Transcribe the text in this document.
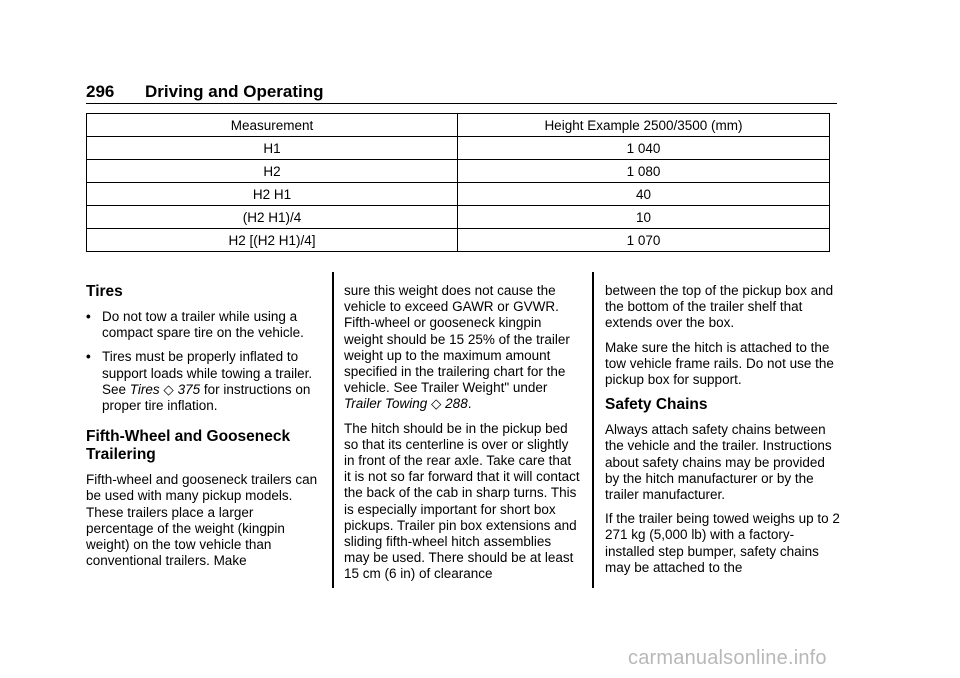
296 Driving and Operating
Measurement	Height Example 2500/3500 (mm)
H1	1 040
H2	1 080
H2 H1	40
(H2 H1)/4	10
H2 [(H2 H1)/4]	1 070
Tires
• Do not tow a trailer while using a compact spare tire on the vehicle.
• Tires must be properly inflated to support loads while towing a trailer. See Tires ◇ 375 for instructions on proper tire inflation.
Fifth-Wheel and Gooseneck Trailering

Fifth-wheel and gooseneck trailers can be used with many pickup models. These trailers place a larger percentage of the weight (kingpin weight) on the tow vehicle than conventional trailers. Make

sure this weight does not cause the vehicle to exceed GAWR or GVWR. Fifth-wheel or gooseneck kingpin weight should be 15 25% of the trailer weight up to the maximum amount specified in the trailering chart for the vehicle. See Trailer Weight" under Trailer Towing ◇ 288.

The hitch should be in the pickup bed so that its centerline is over or slightly in front of the rear axle. Take care that it is not so far forward that it will contact the back of the cab in sharp turns. This is especially important for short box pickups. Trailer pin box extensions and sliding fifth-wheel hitch assemblies may be used. There should be at least 15 cm (6 in) of clearance

between the top of the pickup box and the bottom of the trailer shelf that extends over the box.

Make sure the hitch is attached to the tow vehicle frame rails. Do not use the pickup box for support.

Safety Chains

Always attach safety chains between the vehicle and the trailer. Instructions about safety chains may be provided by the hitch manufacturer or by the trailer manufacturer.

If the trailer being towed weighs up to 2 271 kg (5,000 lb) with a factory-installed step bumper, safety chains may be attached to the

carmanualsonline.info
